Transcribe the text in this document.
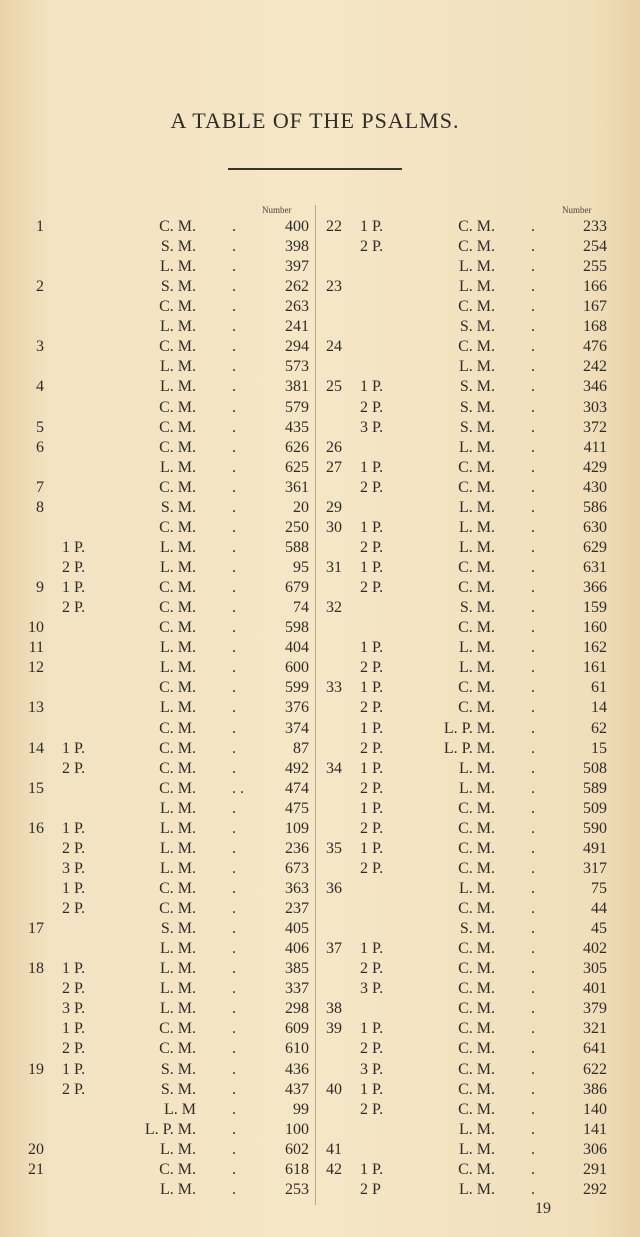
A TABLE OF THE PSALMS.
Number	Number
1	C. M. .	400	22 1 P.	C. M. .	233
S. M. .	398	2 P.	C. M. .	254
L. M. .	397	L. M. .	255
2	S. M. .	262	23	L. M. .	166
C. M. .	263	C. M. .	167
L. M. .	241	S. M. .	168
3	C. M. .	294	24	C. M. .	476
L. M. .	573	L. M. .	242
4	L. M. .	381	25 1 P.	S. M. .	346
C. M. .	579	2 P.	S. M. .	303
5	C. M. .	435	3 P.	S. M. .	372
6	C. M. .	626	26	L. M. .	411
L. M. .	625	27 1 P.	C. M. .	429
7	C. M. .	361	2 P.	C. M. .	430
8	S. M. .	20	29	L. M. .	586
C. M. .	250	30 1 P.	L. M. .	630
1 P.	L. M. .	588	2 P.	L. M. .	629
2 P.	L. M. .	95	31 1 P.	C. M. .	631
9 1 P.	C. M. .	679	2 P.	C. M. .	366
2 P.	C. M. .	74	32	S. M. .	159
10	C. M. .	598	C. M. .	160
11	L. M. .	404	1 P.	L. M. .	162
12	L. M. .	600	2 P.	L. M. .	161
C. M. .	599	33 1 P.	C. M. .	61
13	L. M. .	376	2 P.	C. M. .	14
C. M. .	374	1 P.	L. P. M. .	62
14 1 P.	C. M. .	87	2 P.	L. P. M. .	15
2 P.	C. M. .	492	34 1 P.	L. M. .	508
15	C. M. . .	474	2 P.	L. M. .	589
L. M. .	475	1 P.	C. M. .	509
16 1 P.	L. M. .	109	2 P.	C. M. .	590
2 P.	L. M. .	236	35 1 P.	C. M. .	491
3 P.	L. M. .	673	2 P.	C. M. .	317
1 P.	C. M. .	363	36	L. M. .	75
2 P.	C. M. .	237	C. M. .	44
17	S. M. .	405	S. M. .	45
L. M. .	406	37 1 P.	C. M. .	402
18 1 P.	L. M. .	385	2 P.	C. M. .	305
2 P.	L. M. .	337	3 P.	C. M. .	401
3 P.	L. M. .	298	38	C. M. .	379
1 P.	C. M. .	609	39 1 P.	C. M. .	321
2 P.	C. M. .	610	2 P.	C. M. .	641
19 1 P.	S. M. .	436	3 P.	C. M. .	622
2 P.	S. M. .	437	40 1 P.	C. M. .	386
L. M .	99	2 P.	C. M. .	140
L. P. M. .	100	L. M. .	141
20	L. M. .	602	41	L. M. .	306
21	C. M. .	618	42 1 P.	C. M. .	291
L. M. .	253	2 P	L. M. .	292
19
